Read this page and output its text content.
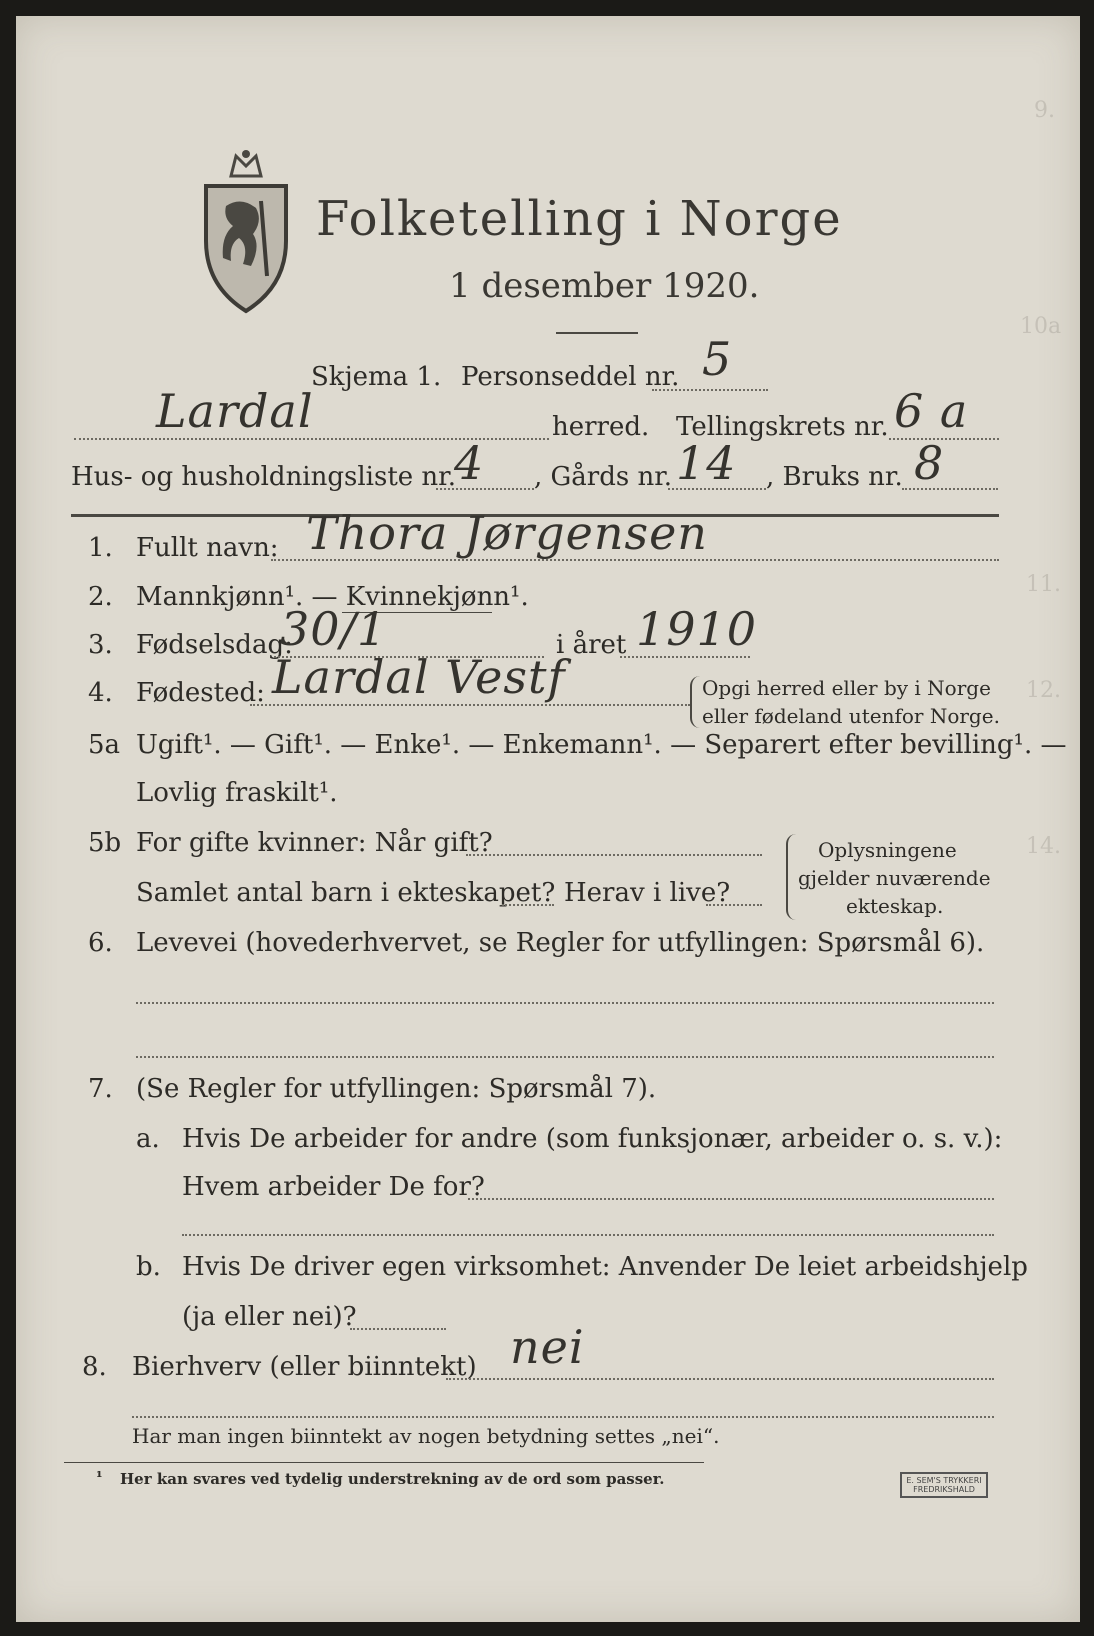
9.
10a
11.
12.
14.
Folketelling i Norge
1 desember 1920.
Skjema 1. Personseddel nr. 5
Lardal	herred. Tellingskrets nr. 6 a
Hus- og husholdningsliste nr.
4 , Gårds nr. 14 , Bruks nr. 8
1. Fullt navn: Thora Jørgensen
2. Mannkjønn¹. — Kvinnekjønn¹.
3. Fødselsdag:
30/1	i året 1910
4. Fødested: Lardal Vestf	Opgi herred eller by i Norge
eller fødeland utenfor Norge.
5a Ugift¹. — Gift¹. — Enke¹. — Enkemann¹. — Separert efter bevilling¹. —
Lovlig fraskilt¹.
5b For gifte kvinner: Når gift?
Samlet antal barn i ekteskapet? Herav i live?
Oplysningene
gjelder nuværende
ekteskap.
6. Levevei (hovederhvervet, se Regler for utfyllingen: Spørsmål 6).
7. (Se Regler for utfyllingen: Spørsmål 7).
a. Hvis De arbeider for andre (som funksjonær, arbeider o. s. v.):
Hvem arbeider De for?
b. Hvis De driver egen virksomhet: Anvender De leiet arbeidshjelp
(ja eller nei)?
8. Bierhverv (eller biinntekt) nei
Har man ingen biinntekt av nogen betydning settes „nei“.
¹ Her kan svares ved tydelig understrekning av de ord som passer.	E. SEM'S TRYKKERI
FREDRIKSHALD
